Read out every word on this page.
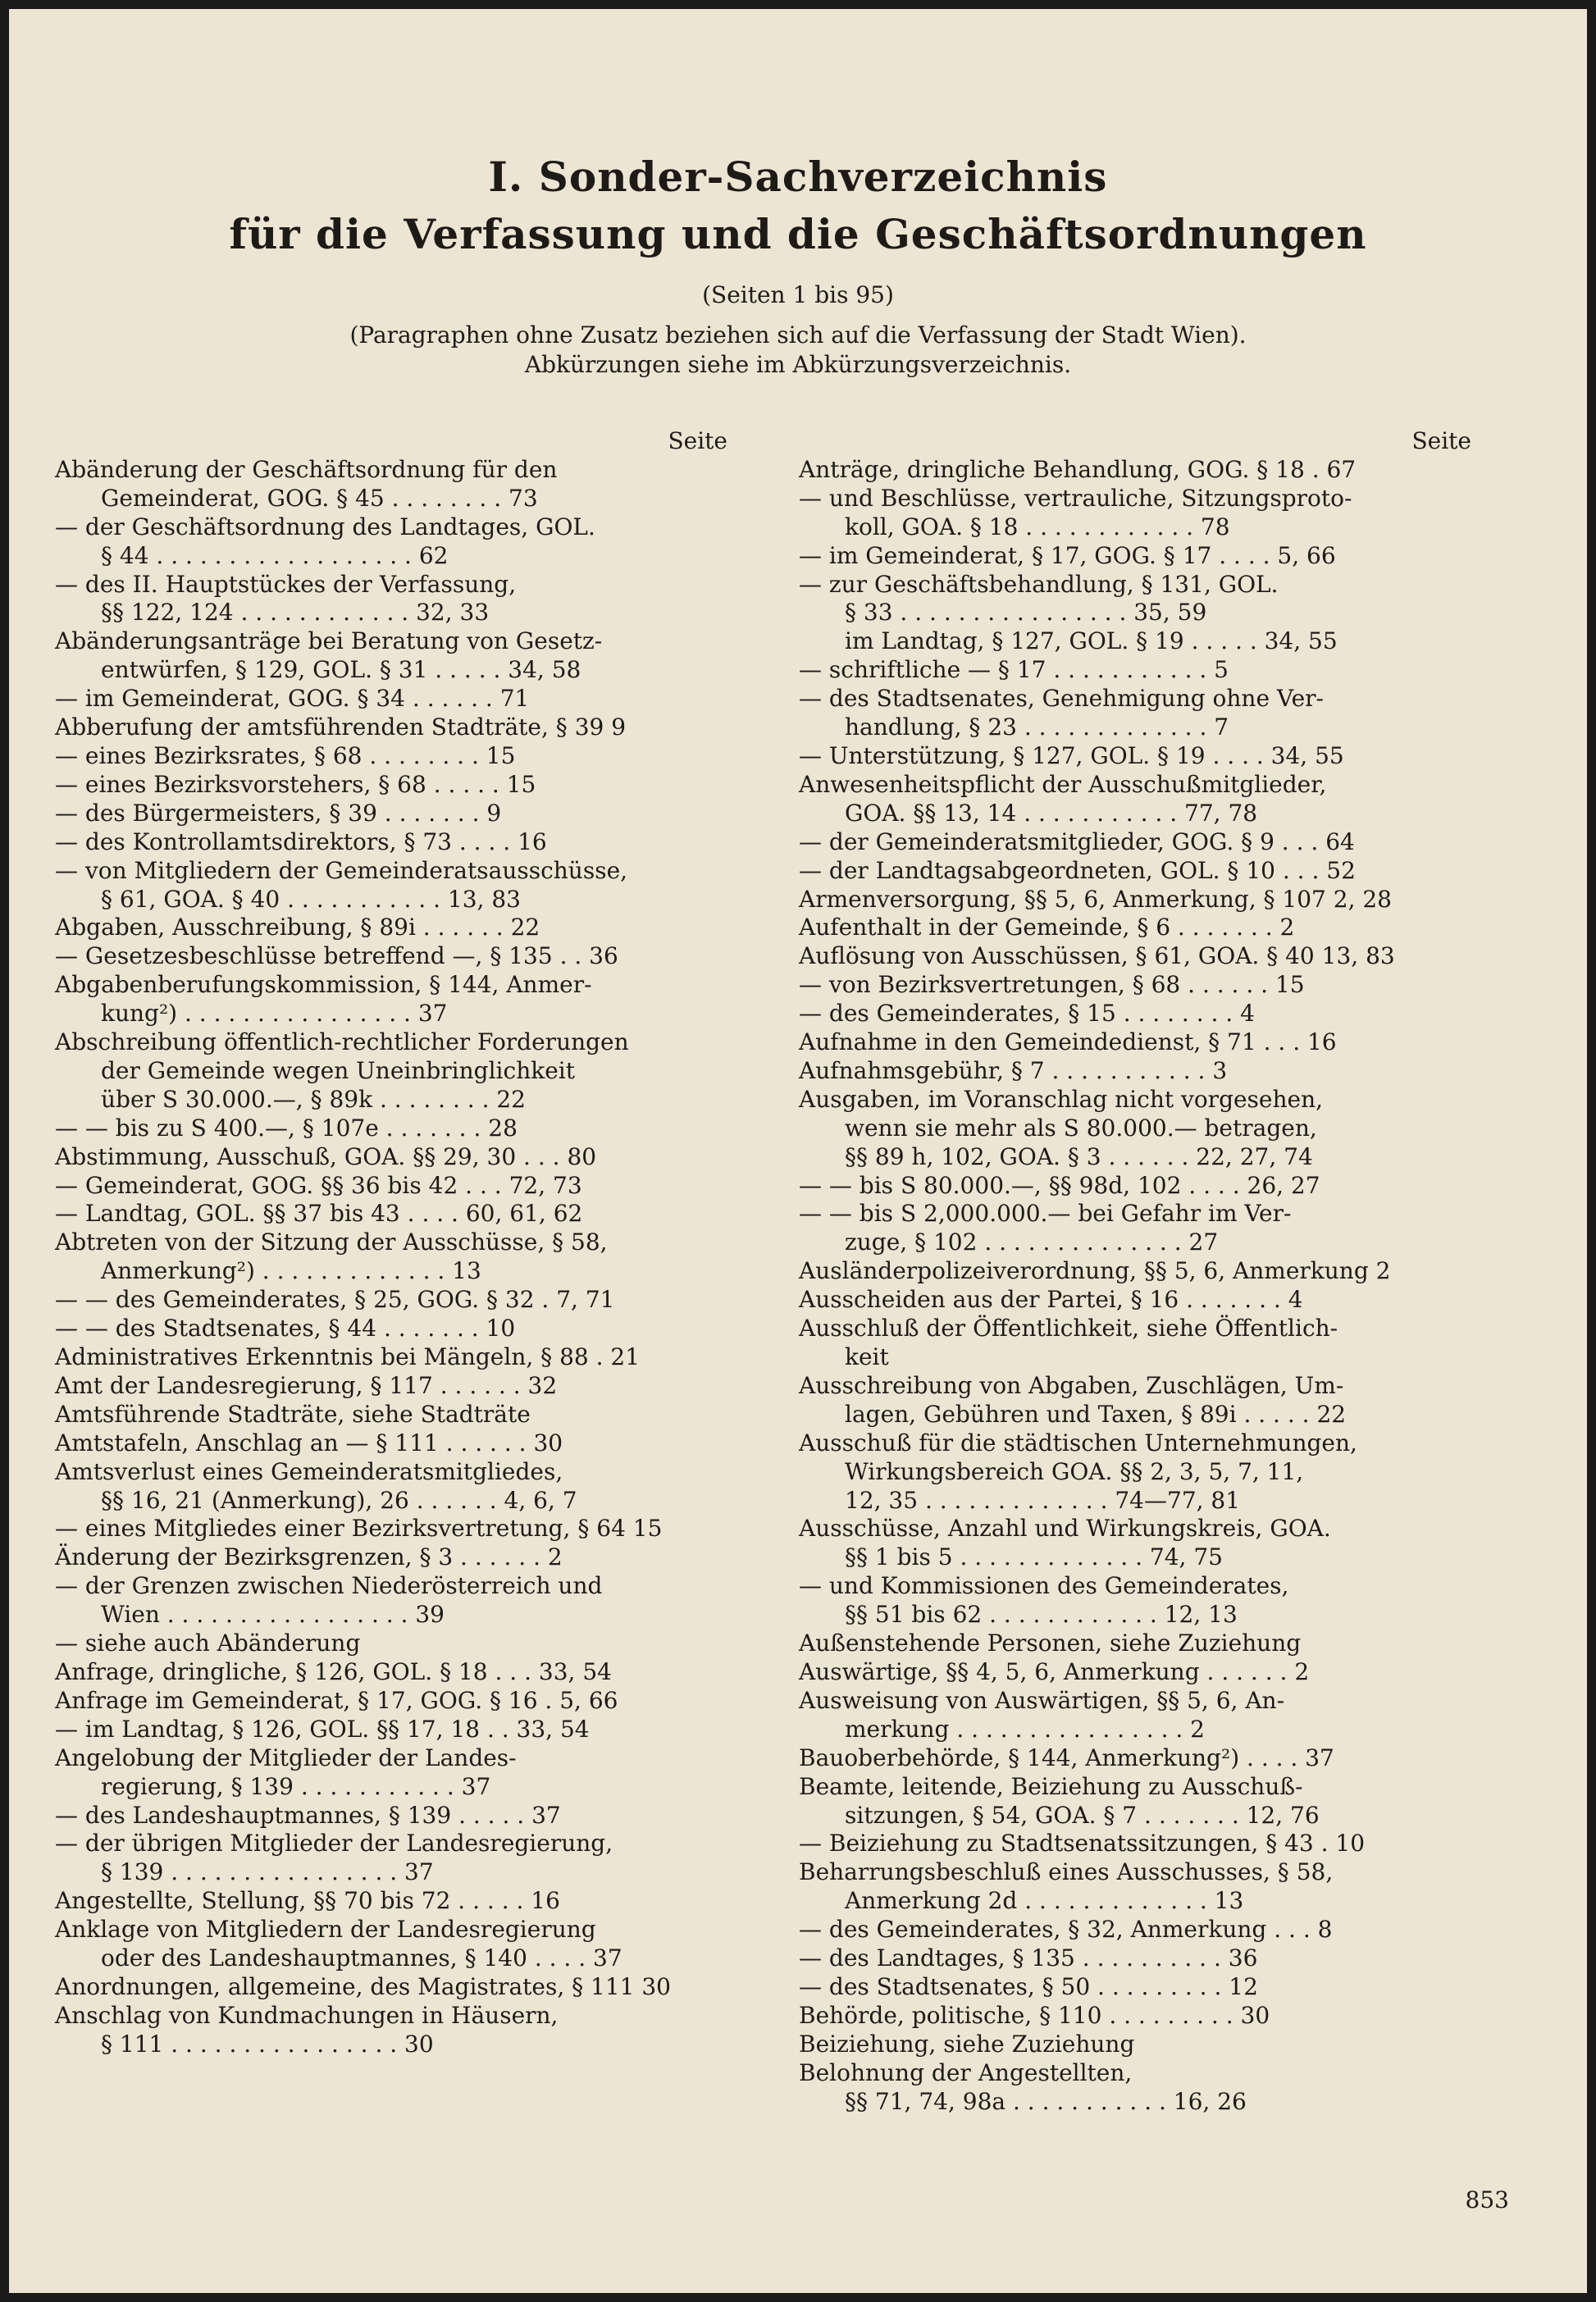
I. Sonder-Sachverzeichnis
für die Verfassung und die Geschäftsordnungen
(Seiten 1 bis 95)
(Paragraphen ohne Zusatz beziehen sich auf die Verfassung der Stadt Wien).
Abkürzungen siehe im Abkürzungsverzeichnis.
Seite
Abänderung der Geschäftsordnung für den
Gemeinderat, GOG. § 45 . . . . . . . . 73
— der Geschäftsordnung des Landtages, GOL.
§ 44 . . . . . . . . . . . . . . . . . . 62
— des II. Hauptstückes der Verfassung,
§§ 122, 124 . . . . . . . . . . . . 32, 33
Abänderungsanträge bei Beratung von Gesetz-
entwürfen, § 129, GOL. § 31 . . . . . 34, 58
— im Gemeinderat, GOG. § 34 . . . . . . 71
Abberufung der amtsführenden Stadträte, § 39 9
— eines Bezirksrates, § 68 . . . . . . . . 15
— eines Bezirksvorstehers, § 68 . . . . . 15
— des Bürgermeisters, § 39 . . . . . . . 9
— des Kontrollamtsdirektors, § 73 . . . . 16
— von Mitgliedern der Gemeinderatsausschüsse,
§ 61, GOA. § 40 . . . . . . . . . . . 13, 83
Abgaben, Ausschreibung, § 89i . . . . . . 22
— Gesetzesbeschlüsse betreffend —, § 135 . . 36
Abgabenberufungskommission, § 144, Anmer-
kung²) . . . . . . . . . . . . . . . . 37
Abschreibung öffentlich-rechtlicher Forderungen
der Gemeinde wegen Uneinbringlichkeit
über S 30.000.—, § 89k . . . . . . . . 22
— — bis zu S 400.—, § 107e . . . . . . . 28
Abstimmung, Ausschuß, GOA. §§ 29, 30 . . . 80
— Gemeinderat, GOG. §§ 36 bis 42 . . . 72, 73
— Landtag, GOL. §§ 37 bis 43 . . . . 60, 61, 62
Abtreten von der Sitzung der Ausschüsse, § 58,
Anmerkung²) . . . . . . . . . . . . . 13
— — des Gemeinderates, § 25, GOG. § 32 . 7, 71
— — des Stadtsenates, § 44 . . . . . . . 10
Administratives Erkenntnis bei Mängeln, § 88 . 21
Amt der Landesregierung, § 117 . . . . . . 32
Amtsführende Stadträte, siehe Stadträte
Amtstafeln, Anschlag an — § 111 . . . . . . 30
Amtsverlust eines Gemeinderatsmitgliedes,
§§ 16, 21 (Anmerkung), 26 . . . . . . 4, 6, 7
— eines Mitgliedes einer Bezirksvertretung, § 64 15
Änderung der Bezirksgrenzen, § 3 . . . . . . 2
— der Grenzen zwischen Niederösterreich und
Wien . . . . . . . . . . . . . . . . . 39
— siehe auch Abänderung
Anfrage, dringliche, § 126, GOL. § 18 . . . 33, 54
Anfrage im Gemeinderat, § 17, GOG. § 16 . 5, 66
— im Landtag, § 126, GOL. §§ 17, 18 . . 33, 54
Angelobung der Mitglieder der Landes-
regierung, § 139 . . . . . . . . . . . 37
— des Landeshauptmannes, § 139 . . . . . 37
— der übrigen Mitglieder der Landesregierung,
§ 139 . . . . . . . . . . . . . . . . 37
Angestellte, Stellung, §§ 70 bis 72 . . . . . 16
Anklage von Mitgliedern der Landesregierung
oder des Landeshauptmannes, § 140 . . . . 37
Anordnungen, allgemeine, des Magistrates, § 111 30
Anschlag von Kundmachungen in Häusern,
§ 111 . . . . . . . . . . . . . . . . 30
Seite
Anträge, dringliche Behandlung, GOG. § 18 . 67
— und Beschlüsse, vertrauliche, Sitzungsproto-
koll, GOA. § 18 . . . . . . . . . . . . 78
— im Gemeinderat, § 17, GOG. § 17 . . . . 5, 66
— zur Geschäftsbehandlung, § 131, GOL.
§ 33 . . . . . . . . . . . . . . . . 35, 59
im Landtag, § 127, GOL. § 19 . . . . . 34, 55
— schriftliche — § 17 . . . . . . . . . . . 5
— des Stadtsenates, Genehmigung ohne Ver-
handlung, § 23 . . . . . . . . . . . . . 7
— Unterstützung, § 127, GOL. § 19 . . . . 34, 55
Anwesenheitspflicht der Ausschußmitglieder,
GOA. §§ 13, 14 . . . . . . . . . . . 77, 78
— der Gemeinderatsmitglieder, GOG. § 9 . . . 64
— der Landtagsabgeordneten, GOL. § 10 . . . 52
Armenversorgung, §§ 5, 6, Anmerkung, § 107 2, 28
Aufenthalt in der Gemeinde, § 6 . . . . . . . 2
Auflösung von Ausschüssen, § 61, GOA. § 40 13, 83
— von Bezirksvertretungen, § 68 . . . . . . 15
— des Gemeinderates, § 15 . . . . . . . . 4
Aufnahme in den Gemeindedienst, § 71 . . . 16
Aufnahmsgebühr, § 7 . . . . . . . . . . . 3
Ausgaben, im Voranschlag nicht vorgesehen,
wenn sie mehr als S 80.000.— betragen,
§§ 89 h, 102, GOA. § 3 . . . . . . 22, 27, 74
— — bis S 80.000.—, §§ 98d, 102 . . . . 26, 27
— — bis S 2,000.000.— bei Gefahr im Ver-
zuge, § 102 . . . . . . . . . . . . . . 27
Ausländerpolizeiverordnung, §§ 5, 6, Anmerkung 2
Ausscheiden aus der Partei, § 16 . . . . . . . 4
Ausschluß der Öffentlichkeit, siehe Öffentlich-
keit
Ausschreibung von Abgaben, Zuschlägen, Um-
lagen, Gebühren und Taxen, § 89i . . . . . 22
Ausschuß für die städtischen Unternehmungen,
Wirkungsbereich GOA. §§ 2, 3, 5, 7, 11,
12, 35 . . . . . . . . . . . . . 74—77, 81
Ausschüsse, Anzahl und Wirkungskreis, GOA.
§§ 1 bis 5 . . . . . . . . . . . . . 74, 75
— und Kommissionen des Gemeinderates,
§§ 51 bis 62 . . . . . . . . . . . . 12, 13
Außenstehende Personen, siehe Zuziehung
Auswärtige, §§ 4, 5, 6, Anmerkung . . . . . . 2
Ausweisung von Auswärtigen, §§ 5, 6, An-
merkung . . . . . . . . . . . . . . . . 2
Bauoberbehörde, § 144, Anmerkung²) . . . . 37
Beamte, leitende, Beiziehung zu Ausschuß-
sitzungen, § 54, GOA. § 7 . . . . . . . 12, 76
— Beiziehung zu Stadtsenatssitzungen, § 43 . 10
Beharrungsbeschluß eines Ausschusses, § 58,
Anmerkung 2d . . . . . . . . . . . . . 13
— des Gemeinderates, § 32, Anmerkung . . . 8
— des Landtages, § 135 . . . . . . . . . . 36
— des Stadtsenates, § 50 . . . . . . . . . 12
Behörde, politische, § 110 . . . . . . . . . 30
Beiziehung, siehe Zuziehung
Belohnung der Angestellten,
§§ 71, 74, 98a . . . . . . . . . . . 16, 26
853
